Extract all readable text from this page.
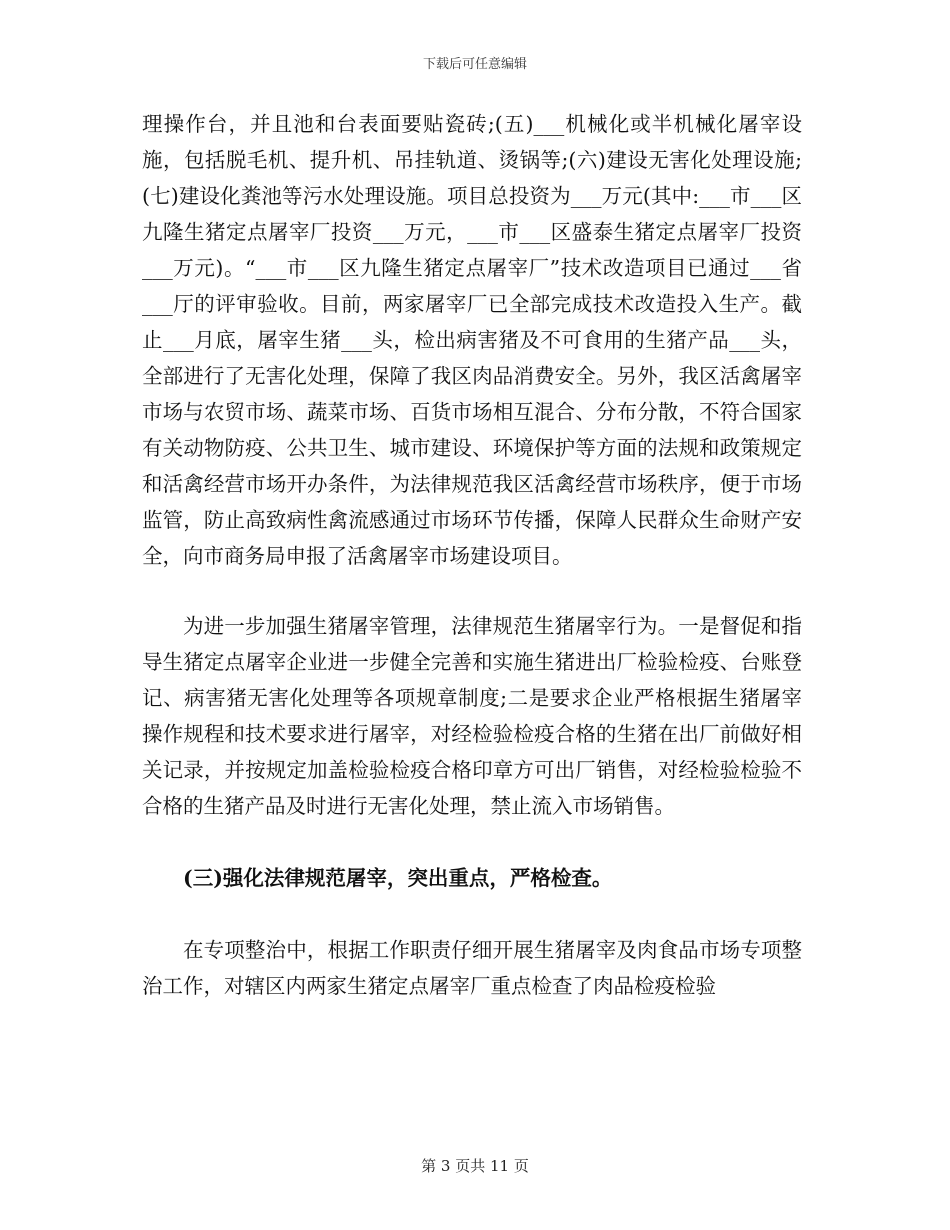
下载后可任意编辑

理操作台，并且池和台表面要贴瓷砖;(五)___机械化或半机械化屠宰设施，包括脱毛机、提升机、吊挂轨道、烫锅等;(六)建设无害化处理设施;(七)建设化粪池等污水处理设施。项目总投资为___万元(其中:___市___区九隆生猪定点屠宰厂投资___万元，___市___区盛泰生猪定点屠宰厂投资___万元)。“___市___区九隆生猪定点屠宰厂”技术改造项目已通过___省___厅的评审验收。目前，两家屠宰厂已全部完成技术改造投入生产。截止___月底，屠宰生猪___头，检出病害猪及不可食用的生猪产品___头，全部进行了无害化处理，保障了我区肉品消费安全。另外，我区活禽屠宰市场与农贸市场、蔬菜市场、百货市场相互混合、分布分散，不符合国家有关动物防疫、公共卫生、城市建设、环境保护等方面的法规和政策规定和活禽经营市场开办条件，为法律规范我区活禽经营市场秩序，便于市场监管，防止高致病性禽流感通过市场环节传播，保障人民群众生命财产安全，向市商务局申报了活禽屠宰市场建设项目。

为进一步加强生猪屠宰管理，法律规范生猪屠宰行为。一是督促和指导生猪定点屠宰企业进一步健全完善和实施生猪进出厂检验检疫、台账登记、病害猪无害化处理等各项规章制度;二是要求企业严格根据生猪屠宰操作规程和技术要求进行屠宰，对经检验检疫合格的生猪在出厂前做好相关记录，并按规定加盖检验检疫合格印章方可出厂销售，对经检验检验不合格的生猪产品及时进行无害化处理，禁止流入市场销售。

(三)强化法律规范屠宰，突出重点，严格检查。

在专项整治中，根据工作职责仔细开展生猪屠宰及肉食品市场专项整治工作，对辖区内两家生猪定点屠宰厂重点检查了肉品检疫检验

第 3 页共 11 页
